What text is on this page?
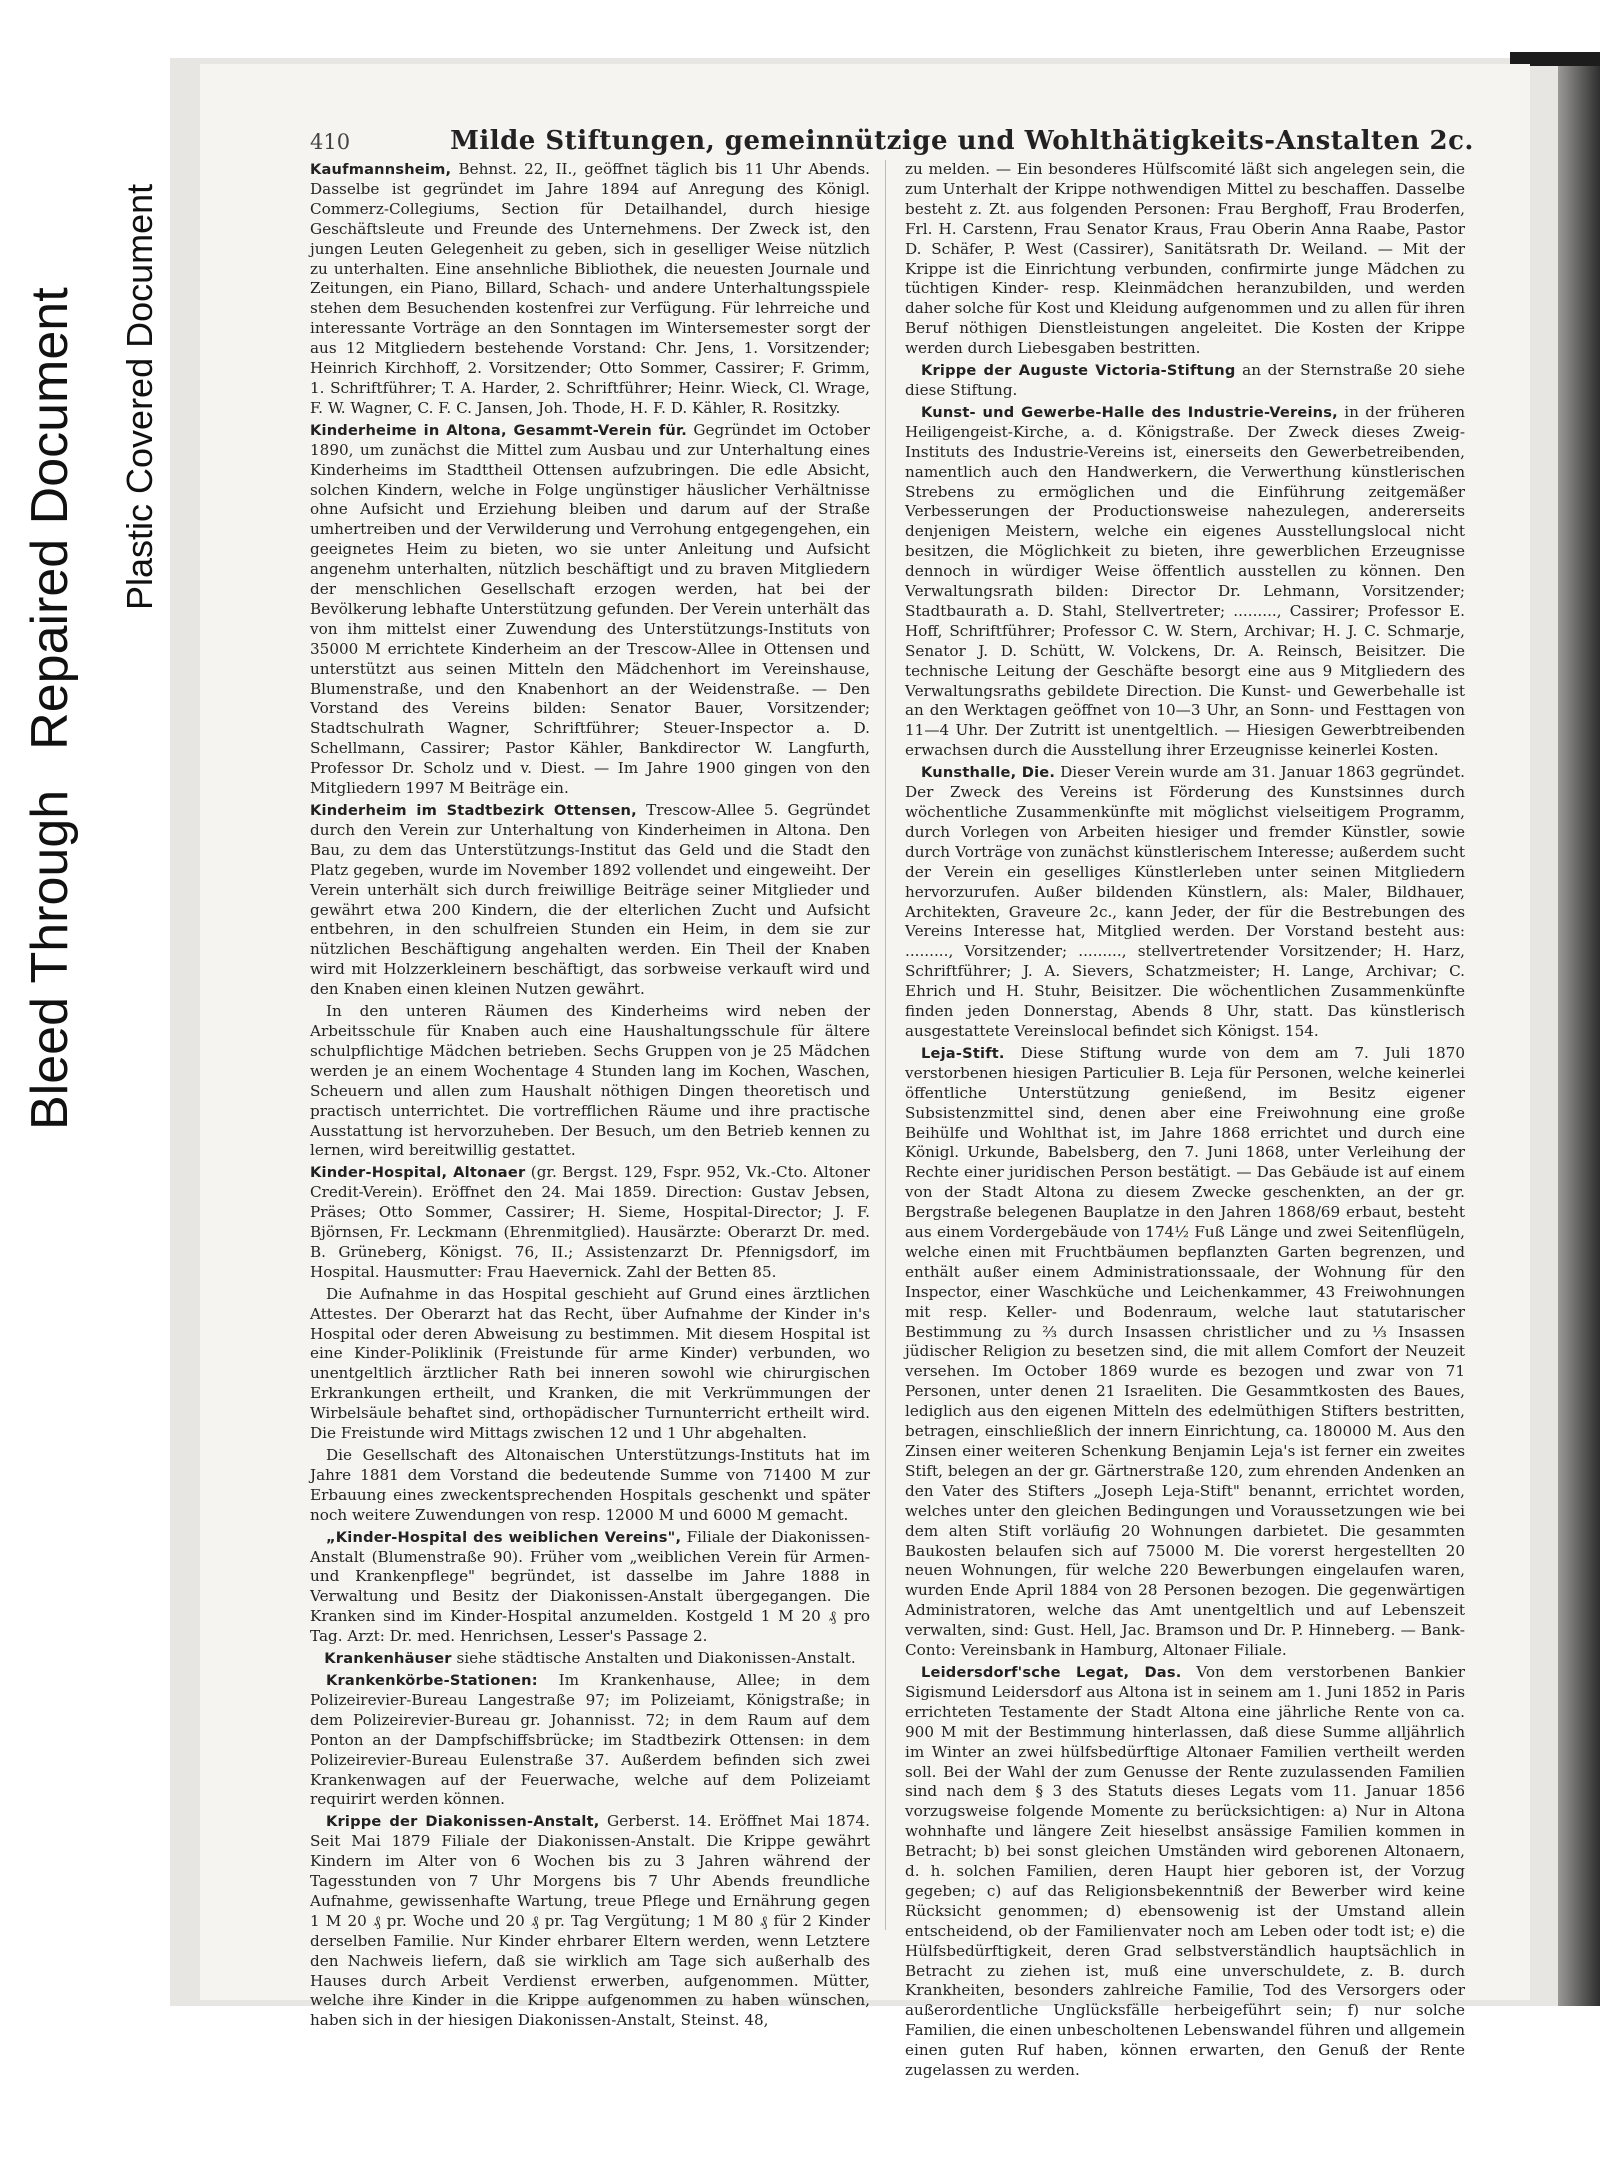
Bleed Through
Repaired Document Plastic Covered Document
410	Milde Stiftungen, gemeinnützige und Wohlthätigkeits-Anstalten 2c.

Kaufmannsheim, Behnst. 22, II., geöffnet täglich bis 11 Uhr Abends. Dasselbe ist gegründet im Jahre 1894 auf Anregung des Königl. Commerz-Collegiums, Section für Detailhandel, durch hiesige Geschäftsleute und Freunde des Unternehmens. Der Zweck ist, den jungen Leuten Gelegenheit zu geben, sich in geselliger Weise nützlich zu unterhalten. Eine ansehnliche Bibliothek, die neuesten Journale und Zeitungen, ein Piano, Billard, Schach- und andere Unterhaltungsspiele stehen dem Besuchenden kostenfrei zur Verfügung. Für lehrreiche und interessante Vorträge an den Sonntagen im Wintersemester sorgt der aus 12 Mitgliedern bestehende Vorstand: Chr. Jens, 1. Vorsitzender; Heinrich Kirchhoff, 2. Vorsitzender; Otto Sommer, Cassirer; F. Grimm, 1. Schriftführer; T. A. Harder, 2. Schriftführer; Heinr. Wieck, Cl. Wrage, F. W. Wagner, C. F. C. Jansen, Joh. Thode, H. F. D. Kähler, R. Rositzky.

Kinderheime in Altona, Gesammt-Verein für. Gegründet im October 1890, um zunächst die Mittel zum Ausbau und zur Unterhaltung eines Kinderheims im Stadttheil Ottensen aufzubringen. Die edle Absicht, solchen Kindern, welche in Folge ungünstiger häuslicher Verhältnisse ohne Aufsicht und Erziehung bleiben und darum auf der Straße umhertreiben und der Verwilderung und Verrohung entgegengehen, ein geeignetes Heim zu bieten, wo sie unter Anleitung und Aufsicht angenehm unterhalten, nützlich beschäftigt und zu braven Mitgliedern der menschlichen Gesellschaft erzogen werden, hat bei der Bevölkerung lebhafte Unterstützung gefunden. Der Verein unterhält das von ihm mittelst einer Zuwendung des Unterstützungs-Instituts von 35000 M errichtete Kinderheim an der Trescow-Allee in Ottensen und unterstützt aus seinen Mitteln den Mädchenhort im Vereinshause, Blumenstraße, und den Knabenhort an der Weidenstraße. — Den Vorstand des Vereins bilden: Senator Bauer, Vorsitzender; Stadtschulrath Wagner, Schriftführer; Steuer-Inspector a. D. Schellmann, Cassirer; Pastor Kähler, Bankdirector W. Langfurth, Professor Dr. Scholz und v. Diest. — Im Jahre 1900 gingen von den Mitgliedern 1997 M Beiträge ein.

Kinderheim im Stadtbezirk Ottensen, Trescow-Allee 5. Gegründet durch den Verein zur Unterhaltung von Kinderheimen in Altona. Den Bau, zu dem das Unterstützungs-Institut das Geld und die Stadt den Platz gegeben, wurde im November 1892 vollendet und eingeweiht. Der Verein unterhält sich durch freiwillige Beiträge seiner Mitglieder und gewährt etwa 200 Kindern, die der elterlichen Zucht und Aufsicht entbehren, in den schulfreien Stunden ein Heim, in dem sie zur nützlichen Beschäftigung angehalten werden. Ein Theil der Knaben wird mit Holzzerkleinern beschäftigt, das sorbweise verkauft wird und den Knaben einen kleinen Nutzen gewährt.

In den unteren Räumen des Kinderheims wird neben der Arbeitsschule für Knaben auch eine Haushaltungsschule für ältere schulpflichtige Mädchen betrieben. Sechs Gruppen von je 25 Mädchen werden je an einem Wochentage 4 Stunden lang im Kochen, Waschen, Scheuern und allen zum Haushalt nöthigen Dingen theoretisch und practisch unterrichtet. Die vortrefflichen Räume und ihre practische Ausstattung ist hervorzuheben. Der Besuch, um den Betrieb kennen zu lernen, wird bereitwillig gestattet.

Kinder-Hospital, Altonaer (gr. Bergst. 129, Fspr. 952, Vk.-Cto. Altoner Credit-Verein). Eröffnet den 24. Mai 1859. Direction: Gustav Jebsen, Präses; Otto Sommer, Cassirer; H. Sieme, Hospital-Director; J. F. Björnsen, Fr. Leckmann (Ehrenmitglied). Hausärzte: Oberarzt Dr. med. B. Grüneberg, Königst. 76, II.; Assistenzarzt Dr. Pfennigsdorf, im Hospital. Hausmutter: Frau Haevernick. Zahl der Betten 85.

Die Aufnahme in das Hospital geschieht auf Grund eines ärztlichen Attestes. Der Oberarzt hat das Recht, über Aufnahme der Kinder in's Hospital oder deren Abweisung zu bestimmen. Mit diesem Hospital ist eine Kinder-Poliklinik (Freistunde für arme Kinder) verbunden, wo unentgeltlich ärztlicher Rath bei inneren sowohl wie chirurgischen Erkrankungen ertheilt, und Kranken, die mit Verkrümmungen der Wirbelsäule behaftet sind, orthopädischer Turnunterricht ertheilt wird. Die Freistunde wird Mittags zwischen 12 und 1 Uhr abgehalten.

Die Gesellschaft des Altonaischen Unterstützungs-Instituts hat im Jahre 1881 dem Vorstand die bedeutende Summe von 71400 M zur Erbauung eines zweckentsprechenden Hospitals geschenkt und später noch weitere Zuwendungen von resp. 12000 M und 6000 M gemacht.

„Kinder-Hospital des weiblichen Vereins", Filiale der Diakonissen-Anstalt (Blumenstraße 90). Früher vom „weiblichen Verein für Armen- und Krankenpflege" begründet, ist dasselbe im Jahre 1888 in Verwaltung und Besitz der Diakonissen-Anstalt übergegangen. Die Kranken sind im Kinder-Hospital anzumelden. Kostgeld 1 M 20 ₰ pro Tag. Arzt: Dr. med. Henrichsen, Lesser's Passage 2.

Krankenhäuser siehe städtische Anstalten und Diakonissen-Anstalt.

Krankenkörbe-Stationen: Im Krankenhause, Allee; in dem Polizeirevier-Bureau Langestraße 97; im Polizeiamt, Königstraße; in dem Polizeirevier-Bureau gr. Johannisst. 72; in dem Raum auf dem Ponton an der Dampfschiffsbrücke; im Stadtbezirk Ottensen: in dem Polizeirevier-Bureau Eulenstraße 37. Außerdem befinden sich zwei Krankenwagen auf der Feuerwache, welche auf dem Polizeiamt requirirt werden können.

Krippe der Diakonissen-Anstalt, Gerberst. 14. Eröffnet Mai 1874. Seit Mai 1879 Filiale der Diakonissen-Anstalt. Die Krippe gewährt Kindern im Alter von 6 Wochen bis zu 3 Jahren während der Tagesstunden von 7 Uhr Morgens bis 7 Uhr Abends freundliche Aufnahme, gewissenhafte Wartung, treue Pflege und Ernährung gegen 1 M 20 ₰ pr. Woche und 20 ₰ pr. Tag Vergütung; 1 M 80 ₰ für 2 Kinder derselben Familie. Nur Kinder ehrbarer Eltern werden, wenn Letztere den Nachweis liefern, daß sie wirklich am Tage sich außerhalb des Hauses durch Arbeit Verdienst erwerben, aufgenommen. Mütter, welche ihre Kinder in die Krippe aufgenommen zu haben wünschen, haben sich in der hiesigen Diakonissen-Anstalt, Steinst. 48,

zu melden. — Ein besonderes Hülfscomité läßt sich angelegen sein, die zum Unterhalt der Krippe nothwendigen Mittel zu beschaffen. Dasselbe besteht z. Zt. aus folgenden Personen: Frau Berghoff, Frau Broderfen, Frl. H. Carstenn, Frau Senator Kraus, Frau Oberin Anna Raabe, Pastor D. Schäfer, P. West (Cassirer), Sanitätsrath Dr. Weiland. — Mit der Krippe ist die Einrichtung verbunden, confirmirte junge Mädchen zu tüchtigen Kinder- resp. Kleinmädchen heranzubilden, und werden daher solche für Kost und Kleidung aufgenommen und zu allen für ihren Beruf nöthigen Dienstleistungen angeleitet. Die Kosten der Krippe werden durch Liebesgaben bestritten.

Krippe der Auguste Victoria-Stiftung an der Sternstraße 20 siehe diese Stiftung.

Kunst- und Gewerbe-Halle des Industrie-Vereins, in der früheren Heiligengeist-Kirche, a. d. Königstraße. Der Zweck dieses Zweig-Instituts des Industrie-Vereins ist, einerseits den Gewerbetreibenden, namentlich auch den Handwerkern, die Verwerthung künstlerischen Strebens zu ermöglichen und die Einführung zeitgemäßer Verbesserungen der Productionsweise nahezulegen, andererseits denjenigen Meistern, welche ein eigenes Ausstellungslocal nicht besitzen, die Möglichkeit zu bieten, ihre gewerblichen Erzeugnisse dennoch in würdiger Weise öffentlich ausstellen zu können. Den Verwaltungsrath bilden: Director Dr. Lehmann, Vorsitzender; Stadtbaurath a. D. Stahl, Stellvertreter; ........., Cassirer; Professor E. Hoff, Schriftführer; Professor C. W. Stern, Archivar; H. J. C. Schmarje, Senator J. D. Schütt, W. Volckens, Dr. A. Reinsch, Beisitzer. Die technische Leitung der Geschäfte besorgt eine aus 9 Mitgliedern des Verwaltungsraths gebildete Direction. Die Kunst- und Gewerbehalle ist an den Werktagen geöffnet von 10—3 Uhr, an Sonn- und Festtagen von 11—4 Uhr. Der Zutritt ist unentgeltlich. — Hiesigen Gewerbtreibenden erwachsen durch die Ausstellung ihrer Erzeugnisse keinerlei Kosten.

Kunsthalle, Die. Dieser Verein wurde am 31. Januar 1863 gegründet. Der Zweck des Vereins ist Förderung des Kunstsinnes durch wöchentliche Zusammenkünfte mit möglichst vielseitigem Programm, durch Vorlegen von Arbeiten hiesiger und fremder Künstler, sowie durch Vorträge von zunächst künstlerischem Interesse; außerdem sucht der Verein ein geselliges Künstlerleben unter seinen Mitgliedern hervorzurufen. Außer bildenden Künstlern, als: Maler, Bildhauer, Architekten, Graveure 2c., kann Jeder, der für die Bestrebungen des Vereins Interesse hat, Mitglied werden. Der Vorstand besteht aus: ........., Vorsitzender; ........., stellvertretender Vorsitzender; H. Harz, Schriftführer; J. A. Sievers, Schatzmeister; H. Lange, Archivar; C. Ehrich und H. Stuhr, Beisitzer. Die wöchentlichen Zusammenkünfte finden jeden Donnerstag, Abends 8 Uhr, statt. Das künstlerisch ausgestattete Vereinslocal befindet sich Königst. 154.

Leja-Stift. Diese Stiftung wurde von dem am 7. Juli 1870 verstorbenen hiesigen Particulier B. Leja für Personen, welche keinerlei öffentliche Unterstützung genießend, im Besitz eigener Subsistenzmittel sind, denen aber eine Freiwohnung eine große Beihülfe und Wohlthat ist, im Jahre 1868 errichtet und durch eine Königl. Urkunde, Babelsberg, den 7. Juni 1868, unter Verleihung der Rechte einer juridischen Person bestätigt. — Das Gebäude ist auf einem von der Stadt Altona zu diesem Zwecke geschenkten, an der gr. Bergstraße belegenen Bauplatze in den Jahren 1868/69 erbaut, besteht aus einem Vordergebäude von 174½ Fuß Länge und zwei Seitenflügeln, welche einen mit Fruchtbäumen bepflanzten Garten begrenzen, und enthält außer einem Administrationssaale, der Wohnung für den Inspector, einer Waschküche und Leichenkammer, 43 Freiwohnungen mit resp. Keller- und Bodenraum, welche laut statutarischer Bestimmung zu ⅔ durch Insassen christlicher und zu ⅓ Insassen jüdischer Religion zu besetzen sind, die mit allem Comfort der Neuzeit versehen. Im October 1869 wurde es bezogen und zwar von 71 Personen, unter denen 21 Israeliten. Die Gesammtkosten des Baues, lediglich aus den eigenen Mitteln des edelmüthigen Stifters bestritten, betragen, einschließlich der innern Einrichtung, ca. 180000 M. Aus den Zinsen einer weiteren Schenkung Benjamin Leja's ist ferner ein zweites Stift, belegen an der gr. Gärtnerstraße 120, zum ehrenden Andenken an den Vater des Stifters „Joseph Leja-Stift" benannt, errichtet worden, welches unter den gleichen Bedingungen und Voraussetzungen wie bei dem alten Stift vorläufig 20 Wohnungen darbietet. Die gesammten Baukosten belaufen sich auf 75000 M. Die vorerst hergestellten 20 neuen Wohnungen, für welche 220 Bewerbungen eingelaufen waren, wurden Ende April 1884 von 28 Personen bezogen. Die gegenwärtigen Administratoren, welche das Amt unentgeltlich und auf Lebenszeit verwalten, sind: Gust. Hell, Jac. Bramson und Dr. P. Hinneberg. — Bank-Conto: Vereinsbank in Hamburg, Altonaer Filiale.

Leidersdorf'sche Legat, Das. Von dem verstorbenen Bankier Sigismund Leidersdorf aus Altona ist in seinem am 1. Juni 1852 in Paris errichteten Testamente der Stadt Altona eine jährliche Rente von ca. 900 M mit der Bestimmung hinterlassen, daß diese Summe alljährlich im Winter an zwei hülfsbedürftige Altonaer Familien vertheilt werden soll. Bei der Wahl der zum Genusse der Rente zuzulassenden Familien sind nach dem § 3 des Statuts dieses Legats vom 11. Januar 1856 vorzugsweise folgende Momente zu berücksichtigen: a) Nur in Altona wohnhafte und längere Zeit hieselbst ansässige Familien kommen in Betracht; b) bei sonst gleichen Umständen wird geborenen Altonaern, d. h. solchen Familien, deren Haupt hier geboren ist, der Vorzug gegeben; c) auf das Religionsbekenntniß der Bewerber wird keine Rücksicht genommen; d) ebensowenig ist der Umstand allein entscheidend, ob der Familienvater noch am Leben oder todt ist; e) die Hülfsbedürftigkeit, deren Grad selbstverständlich hauptsächlich in Betracht zu ziehen ist, muß eine unverschuldete, z. B. durch Krankheiten, besonders zahlreiche Familie, Tod des Versorgers oder außerordentliche Unglücksfälle herbeigeführt sein; f) nur solche Familien, die einen unbescholtenen Lebenswandel führen und allgemein einen guten Ruf haben, können erwarten, den Genuß der Rente zugelassen zu werden.
